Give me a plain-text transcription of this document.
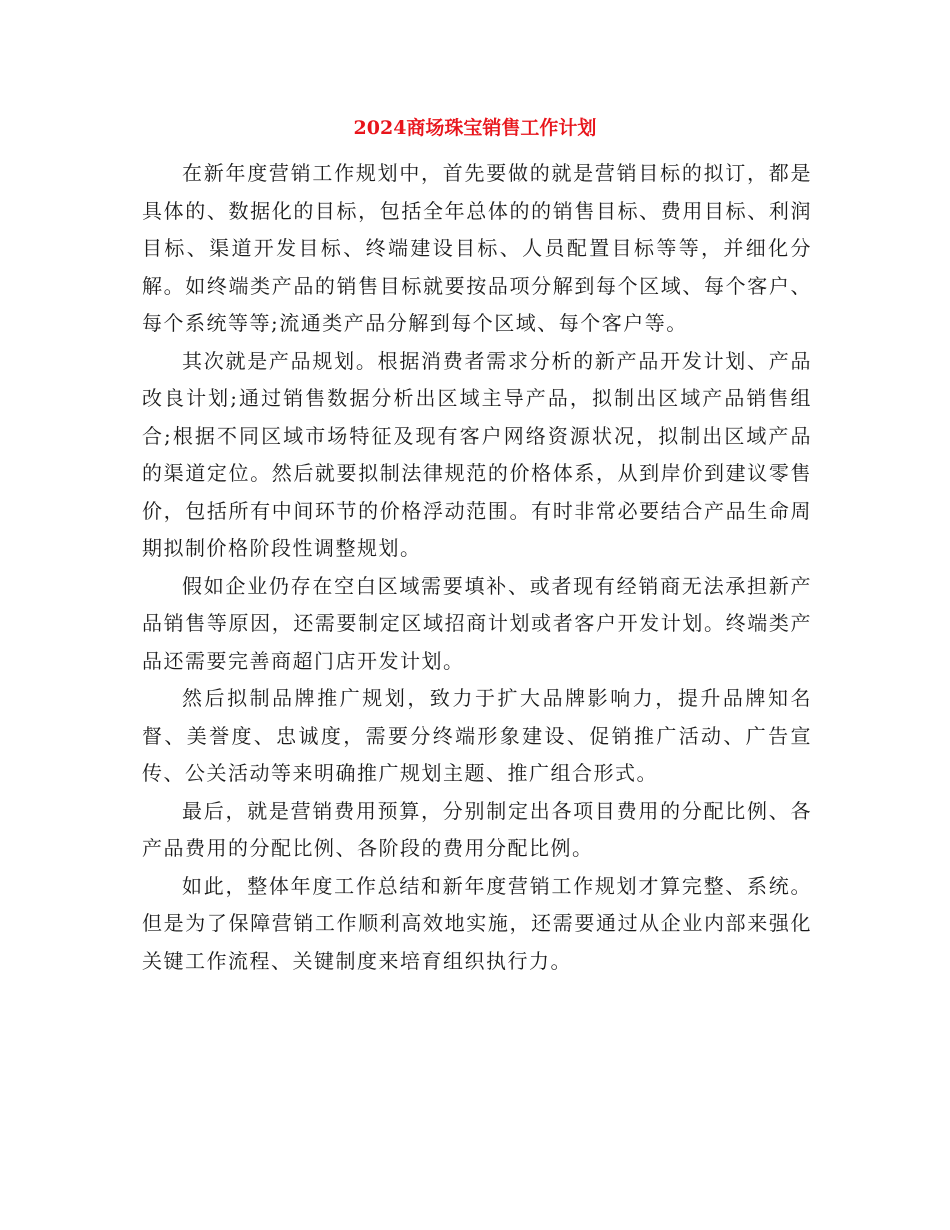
2024商场珠宝销售工作计划

在新年度营销工作规划中，首先要做的就是营销目标的拟订，都是具体的、数据化的目标，包括全年总体的的销售目标、费用目标、利润目标、渠道开发目标、终端建设目标、人员配置目标等等，并细化分解。如终端类产品的销售目标就要按品项分解到每个区域、每个客户、每个系统等等;流通类产品分解到每个区域、每个客户等。

其次就是产品规划。根据消费者需求分析的新产品开发计划、产品改良计划;通过销售数据分析出区域主导产品，拟制出区域产品销售组合;根据不同区域市场特征及现有客户网络资源状况，拟制出区域产品的渠道定位。然后就要拟制法律规范的价格体系，从到岸价到建议零售价，包括所有中间环节的价格浮动范围。有时非常必要结合产品生命周期拟制价格阶段性调整规划。

假如企业仍存在空白区域需要填补、或者现有经销商无法承担新产品销售等原因，还需要制定区域招商计划或者客户开发计划。终端类产品还需要完善商超门店开发计划。

然后拟制品牌推广规划，致力于扩大品牌影响力，提升品牌知名督、美誉度、忠诚度，需要分终端形象建设、促销推广活动、广告宣传、公关活动等来明确推广规划主题、推广组合形式。

最后，就是营销费用预算，分别制定出各项目费用的分配比例、各产品费用的分配比例、各阶段的费用分配比例。

如此，整体年度工作总结和新年度营销工作规划才算完整、系统。但是为了保障营销工作顺利高效地实施，还需要通过从企业内部来强化关键工作流程、关键制度来培育组织执行力。
